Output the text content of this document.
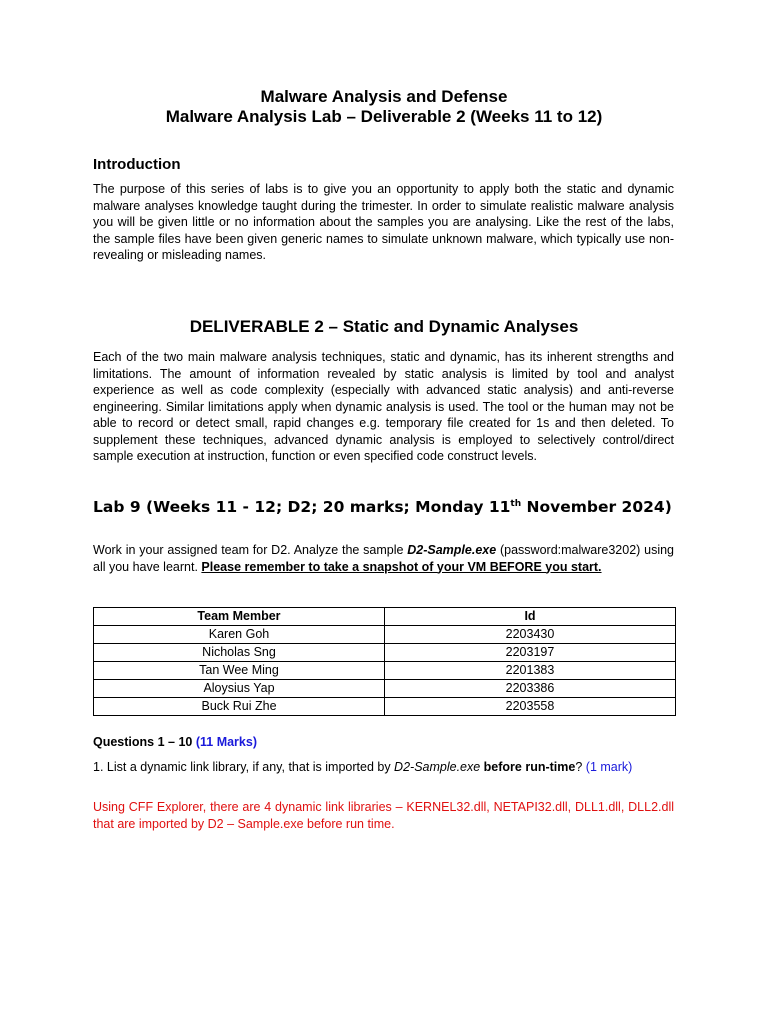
Malware Analysis and Defense
Malware Analysis Lab – Deliverable 2 (Weeks 11 to 12)
Introduction
The purpose of this series of labs is to give you an opportunity to apply both the static and dynamic malware analyses knowledge taught during the trimester. In order to simulate realistic malware analysis you will be given little or no information about the samples you are analysing. Like the rest of the labs, the sample files have been given generic names to simulate unknown malware, which typically use non-revealing or misleading names.
DELIVERABLE 2 – Static and Dynamic Analyses
Each of the two main malware analysis techniques, static and dynamic, has its inherent strengths and limitations. The amount of information revealed by static analysis is limited by tool and analyst experience as well as code complexity (especially with advanced static analysis) and anti-reverse engineering. Similar limitations apply when dynamic analysis is used. The tool or the human may not be able to record or detect small, rapid changes e.g. temporary file created for 1s and then deleted. To supplement these techniques, advanced dynamic analysis is employed to selectively control/direct sample execution at instruction, function or even specified code construct levels.
Lab 9 (Weeks 11 - 12; D2; 20 marks; Monday 11th November 2024)
Work in your assigned team for D2. Analyze the sample D2-Sample.exe (password:malware3202) using all you have learnt. Please remember to take a snapshot of your VM BEFORE you start.
Team Member	Id
Karen Goh	2203430
Nicholas Sng	2203197
Tan Wee Ming	2201383
Aloysius Yap	2203386
Buck Rui Zhe	2203558
Questions 1 – 10 (11 Marks)
1. List a dynamic link library, if any, that is imported by D2-Sample.exe before run-time? (1 mark)
Using CFF Explorer, there are 4 dynamic link libraries – KERNEL32.dll, NETAPI32.dll, DLL1.dll, DLL2.dll that are imported by D2 – Sample.exe before run time.
